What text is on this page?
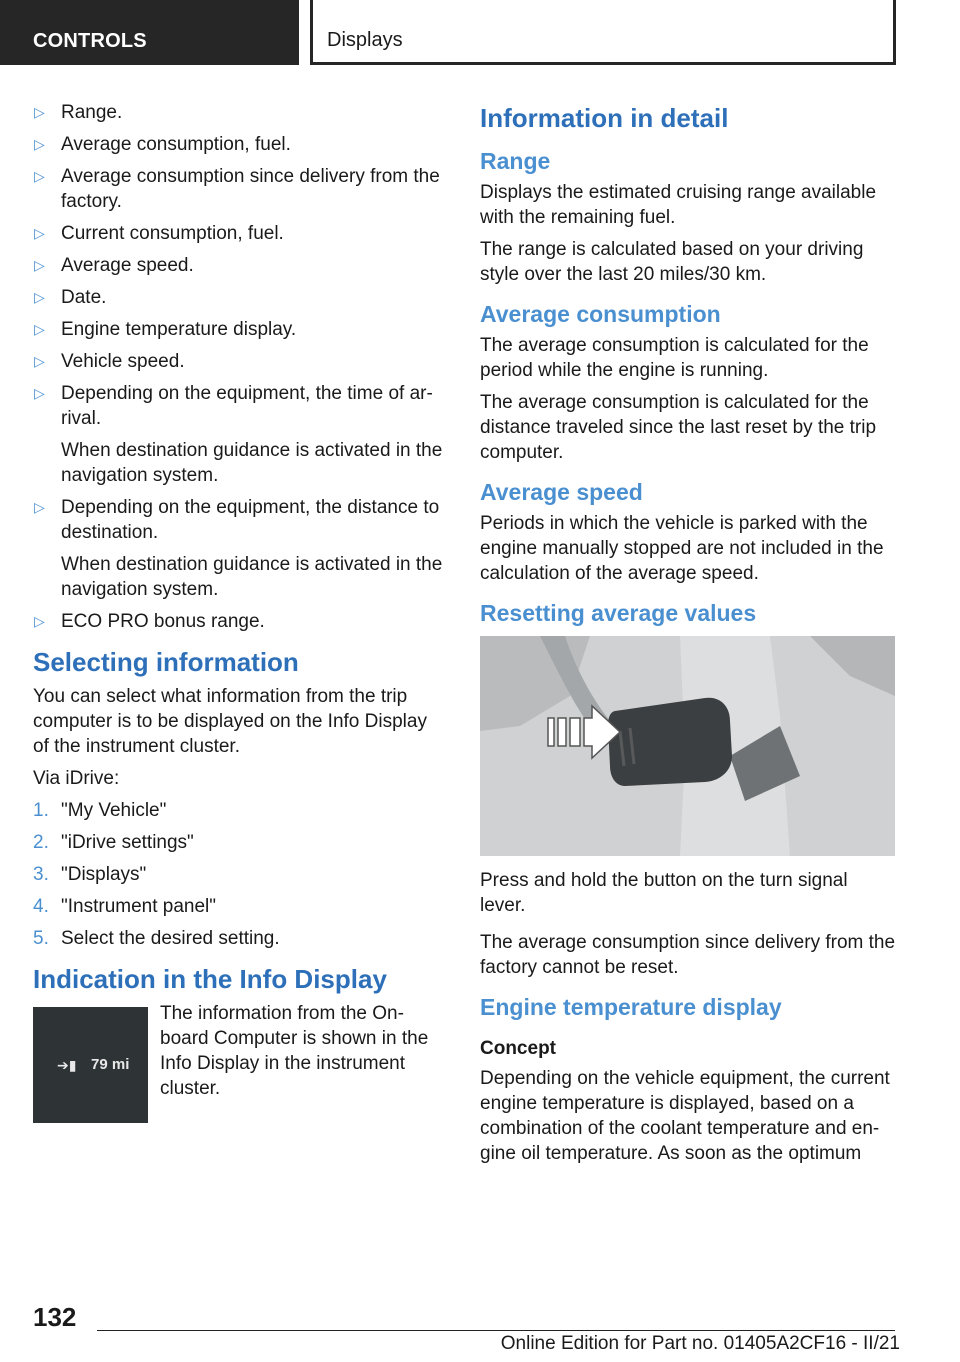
CONTROLS	Displays
▷ Range.
▷ Average consumption, fuel.
▷ Average consumption since delivery from the factory.
▷ Current consumption, fuel.
▷ Average speed.
▷ Date.
▷ Engine temperature display.
▷ Vehicle speed.
▷ Depending on the equipment, the time of ar-rival.
When destination guidance is activated in the navigation system.
▷ Depending on the equipment, the distance to destination.
When destination guidance is activated in the navigation system.
▷ ECO PRO bonus range.
Selecting information

You can select what information from the trip computer is to be displayed on the Info Display of the instrument cluster.

Via iDrive:

1. "My Vehicle"
2. "iDrive settings"
3. "Displays"
4. "Instrument panel"
5. Select the desired setting.
Indication in the Info Display
➔▮ 79 mi
The information from the On-board Computer is shown in the Info Display in the instrument cluster.
Information in detail
Range

Displays the estimated cruising range available with the remaining fuel.

The range is calculated based on your driving style over the last 20 miles/30 km.

Average consumption

The average consumption is calculated for the period while the engine is running.

The average consumption is calculated for the distance traveled since the last reset by the trip computer.

Average speed

Periods in which the vehicle is parked with the engine manually stopped are not included in the calculation of the average speed.

Resetting average values

Press and hold the button on the turn signal lever.

The average consumption since delivery from the factory cannot be reset.

Engine temperature display
Concept

Depending on the vehicle equipment, the current engine temperature is displayed, based on a combination of the coolant temperature and en-gine oil temperature. As soon as the optimum

132
Online Edition for Part no. 01405A2CF16 - II/21
